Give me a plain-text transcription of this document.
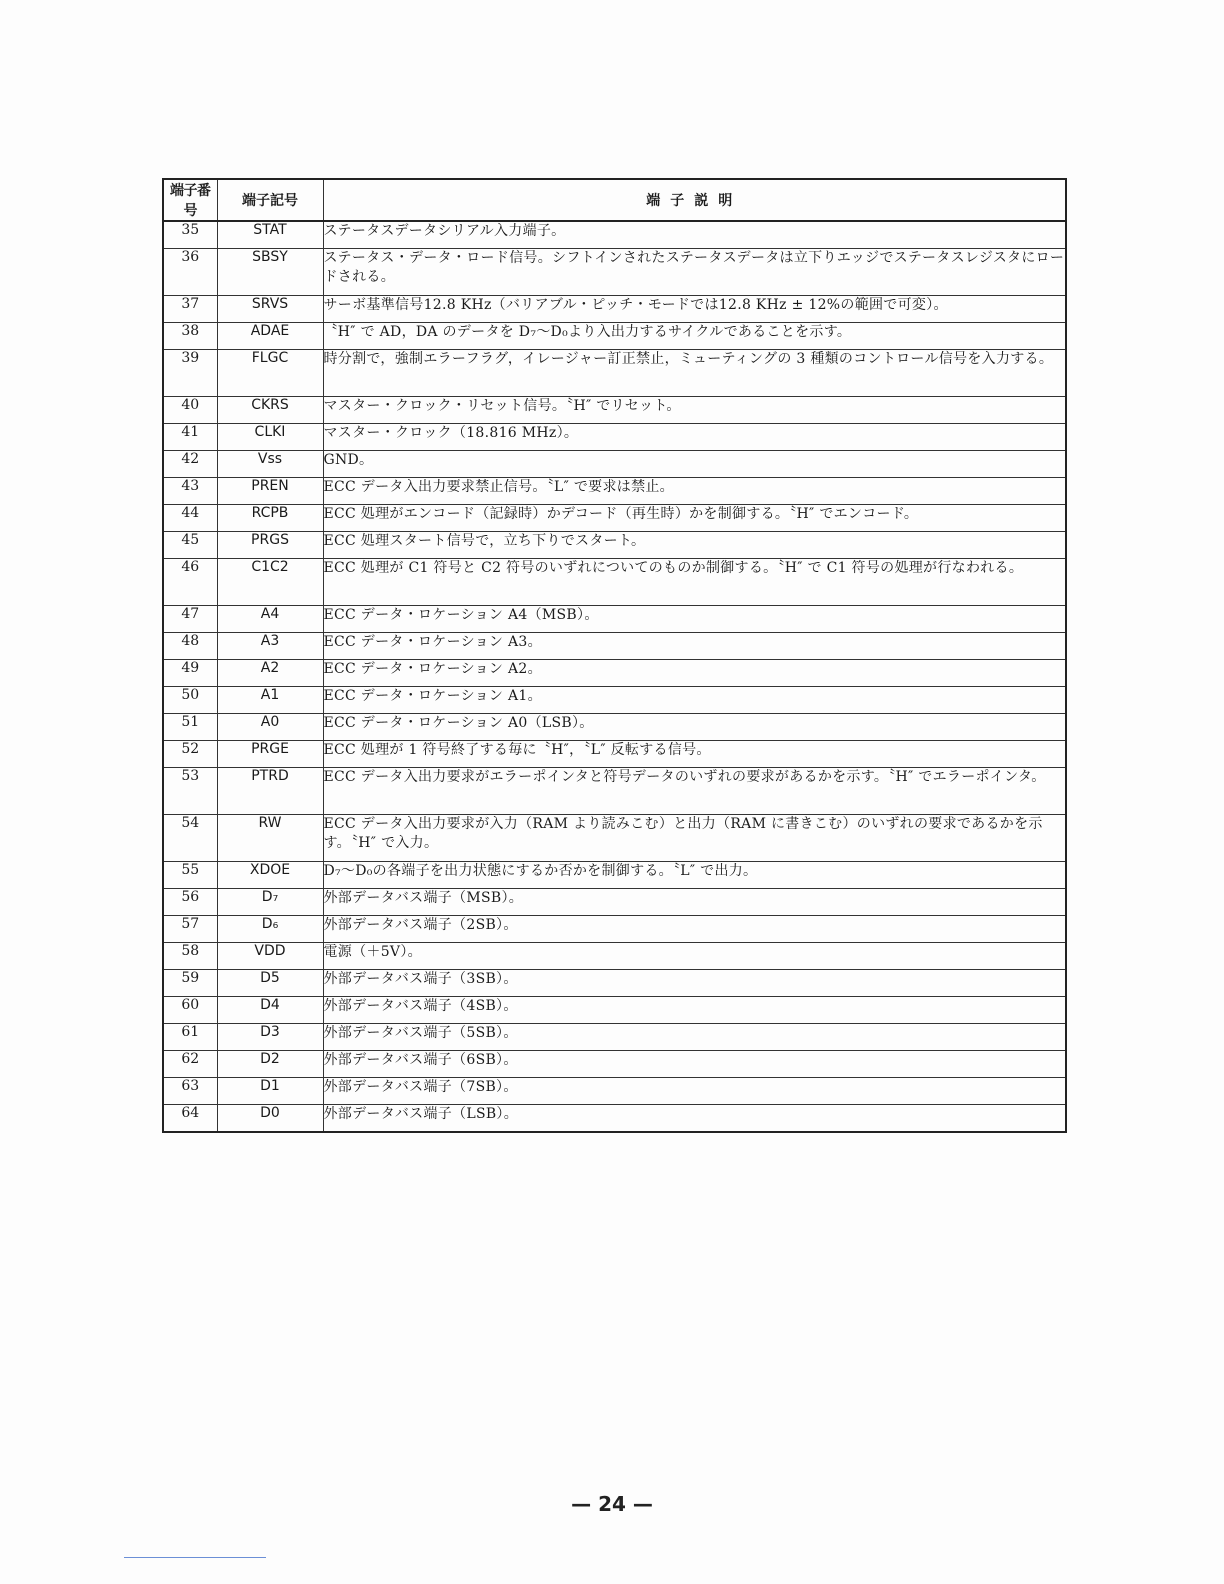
端子番号	端子記号	端子説明
35	STAT	ステータスデータシリアル入力端子。
36	SBSY	ステータス・データ・ロード信号。シフトインされたステータスデータは立下りエッジでステータスレジスタにロードされる。
37	SRVS	サーボ基準信号12.8 KHz（バリアブル・ピッチ・モードでは12.8 KHz ± 12%の範囲で可変）。
38	ADAE	〝H″ で AD，DA のデータを D₇～D₀より入出力するサイクルであることを示す。
39	FLGC	時分割で，強制エラーフラグ，イレージャー訂正禁止，ミューティングの 3 種類のコントロール信号を入力する。
40	CKRS	マスター・クロック・リセット信号。〝H″ でリセット。
41	CLKI	マスター・クロック（18.816 MHz）。
42	Vss	GND。
43	PREN	ECC データ入出力要求禁止信号。〝L″ で要求は禁止。
44	RCPB	ECC 処理がエンコード（記録時）かデコード（再生時）かを制御する。〝H″ でエンコード。
45	PRGS	ECC 処理スタート信号で，立ち下りでスタート。
46	C1C2	ECC 処理が C1 符号と C2 符号のいずれについてのものか制御する。〝H″ で C1 符号の処理が行なわれる。
47	A4	ECC データ・ロケーション A4（MSB）。
48	A3	ECC データ・ロケーション A3。
49	A2	ECC データ・ロケーション A2。
50	A1	ECC データ・ロケーション A1。
51	A0	ECC データ・ロケーション A0（LSB）。
52	PRGE	ECC 処理が 1 符号終了する毎に〝H″，〝L″ 反転する信号。
53	PTRD	ECC データ入出力要求がエラーポインタと符号データのいずれの要求があるかを示す。〝H″ でエラーポインタ。
54	RW	ECC データ入出力要求が入力（RAM より読みこむ）と出力（RAM に書きこむ）のいずれの要求であるかを示す。〝H″ で入力。
55	XDOE	D₇～D₀の各端子を出力状態にするか否かを制御する。〝L″ で出力。
56	D₇	外部データバス端子（MSB）。
57	D₆	外部データバス端子（2SB）。
58	VDD	電源（＋5V）。
59	D5	外部データバス端子（3SB）。
60	D4	外部データバス端子（4SB）。
61	D3	外部データバス端子（5SB）。
62	D2	外部データバス端子（6SB）。
63	D1	外部データバス端子（7SB）。
64	D0	外部データバス端子（LSB）。
— 24 —
